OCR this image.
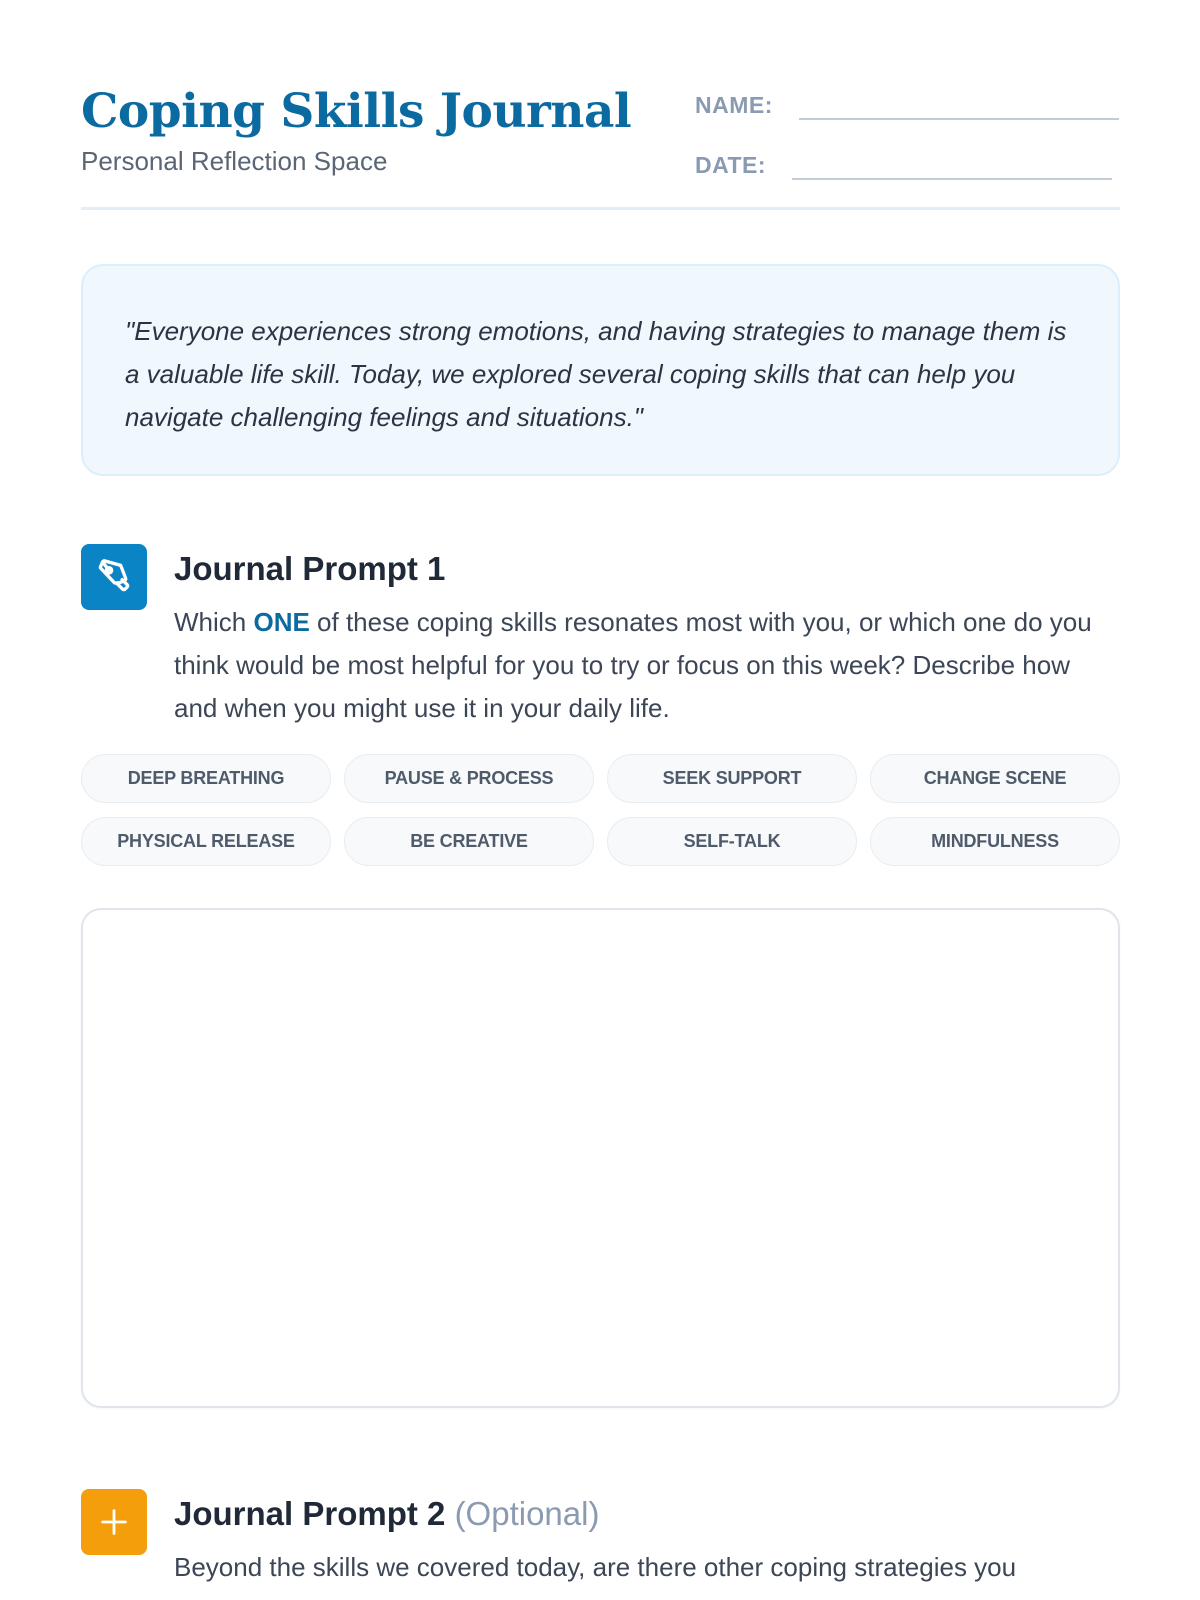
Coping Skills Journal
Personal Reflection Space
NAME:
DATE:

"Everyone experiences strong emotions, and having strategies to manage them is a valuable life skill. Today, we explored several coping skills that can help you navigate challenging feelings and situations."

Journal Prompt 1

Which ONE of these coping skills resonates most with you, or which one do you think would be most helpful for you to try or focus on this week? Describe how and when you might use it in your daily life.

DEEP BREATHING	PAUSE & PROCESS	SEEK SUPPORT	CHANGE SCENE
PHYSICAL RELEASE	BE CREATIVE	SELF-TALK	MINDFULNESS
Journal Prompt 2 (Optional)

Beyond the skills we covered today, are there other coping strategies you
